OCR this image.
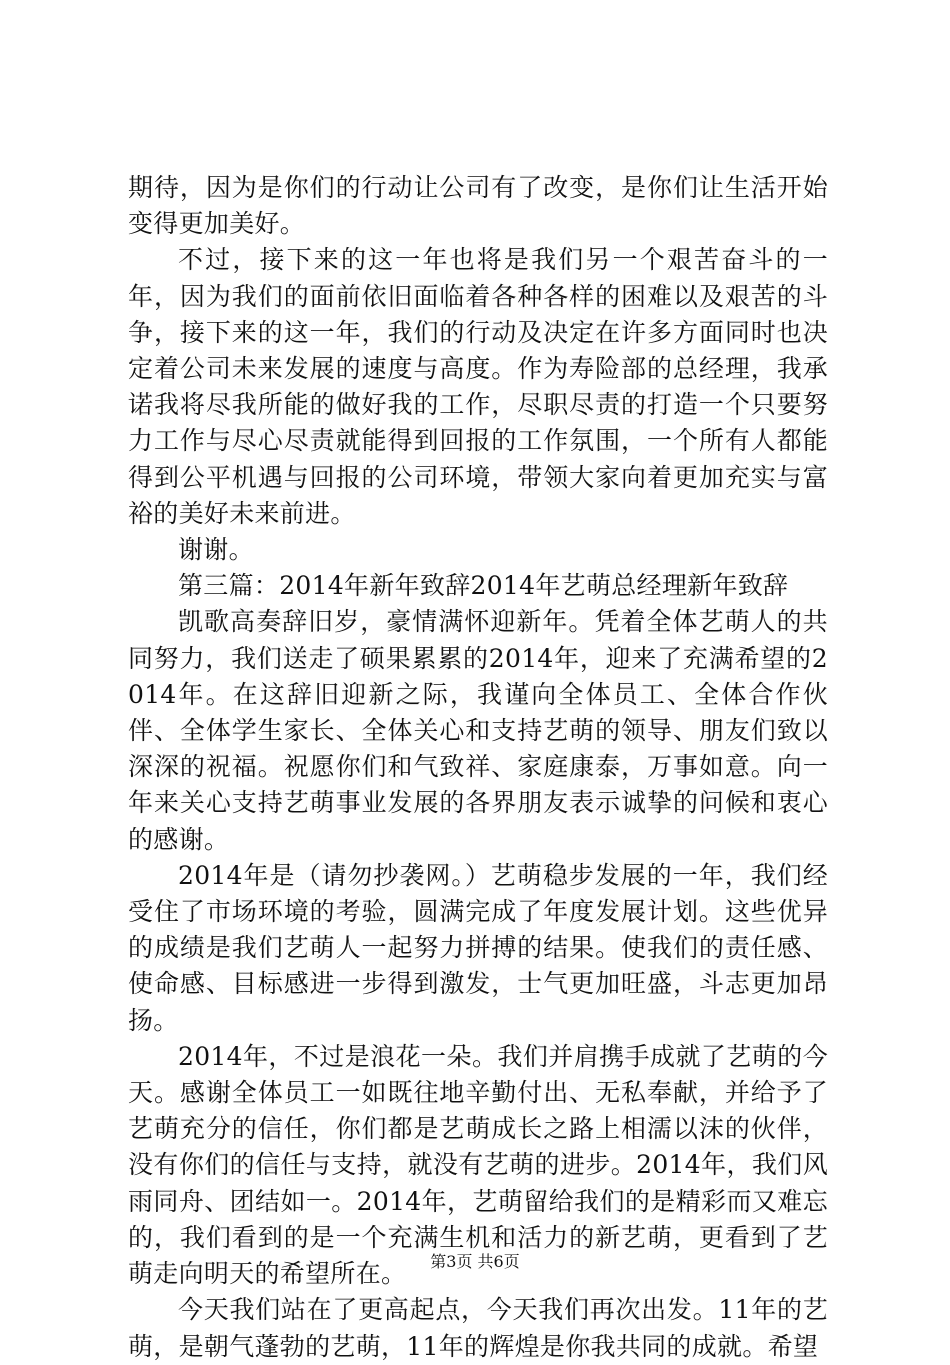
期待，因为是你们的行动让公司有了改变，是你们让生活开始变得更加美好。

不过，接下来的这一年也将是我们另一个艰苦奋斗的一年，因为我们的面前依旧面临着各种各样的困难以及艰苦的斗争，接下来的这一年，我们的行动及决定在许多方面同时也决定着公司未来发展的速度与高度。作为寿险部的总经理，我承诺我将尽我所能的做好我的工作，尽职尽责的打造一个只要努力工作与尽心尽责就能得到回报的工作氛围，一个所有人都能得到公平机遇与回报的公司环境，带领大家向着更加充实与富裕的美好未来前进。

谢谢。

第三篇：2014年新年致辞2014年艺萌总经理新年致辞

凯歌高奏辞旧岁，豪情满怀迎新年。凭着全体艺萌人的共同努力，我们送走了硕果累累的2014年，迎来了充满希望的2014年。在这辞旧迎新之际，我谨向全体员工、全体合作伙伴、全体学生家长、全体关心和支持艺萌的领导、朋友们致以深深的祝福。祝愿你们和气致祥、家庭康泰，万事如意。向一年来关心支持艺萌事业发展的各界朋友表示诚挚的问候和衷心的感谢。

2014年是（请勿抄袭网。）艺萌稳步发展的一年，我们经受住了市场环境的考验，圆满完成了年度发展计划。这些优异的成绩是我们艺萌人一起努力拼搏的结果。使我们的责任感、使命感、目标感进一步得到激发，士气更加旺盛，斗志更加昂扬。

2014年，不过是浪花一朵。我们并肩携手成就了艺萌的今天。感谢全体员工一如既往地辛勤付出、无私奉献，并给予了艺萌充分的信任，你们都是艺萌成长之路上相濡以沫的伙伴，没有你们的信任与支持，就没有艺萌的进步。2014年，我们风雨同舟、团结如一。2014年，艺萌留给我们的是精彩而又难忘的，我们看到的是一个充满生机和活力的新艺萌，更看到了艺萌走向明天的希望所在。

今天我们站在了更高起点，今天我们再次出发。11年的艺萌，是朝气蓬勃的艺萌，11年的辉煌是你我共同的成就。希望

第3页 共6页
